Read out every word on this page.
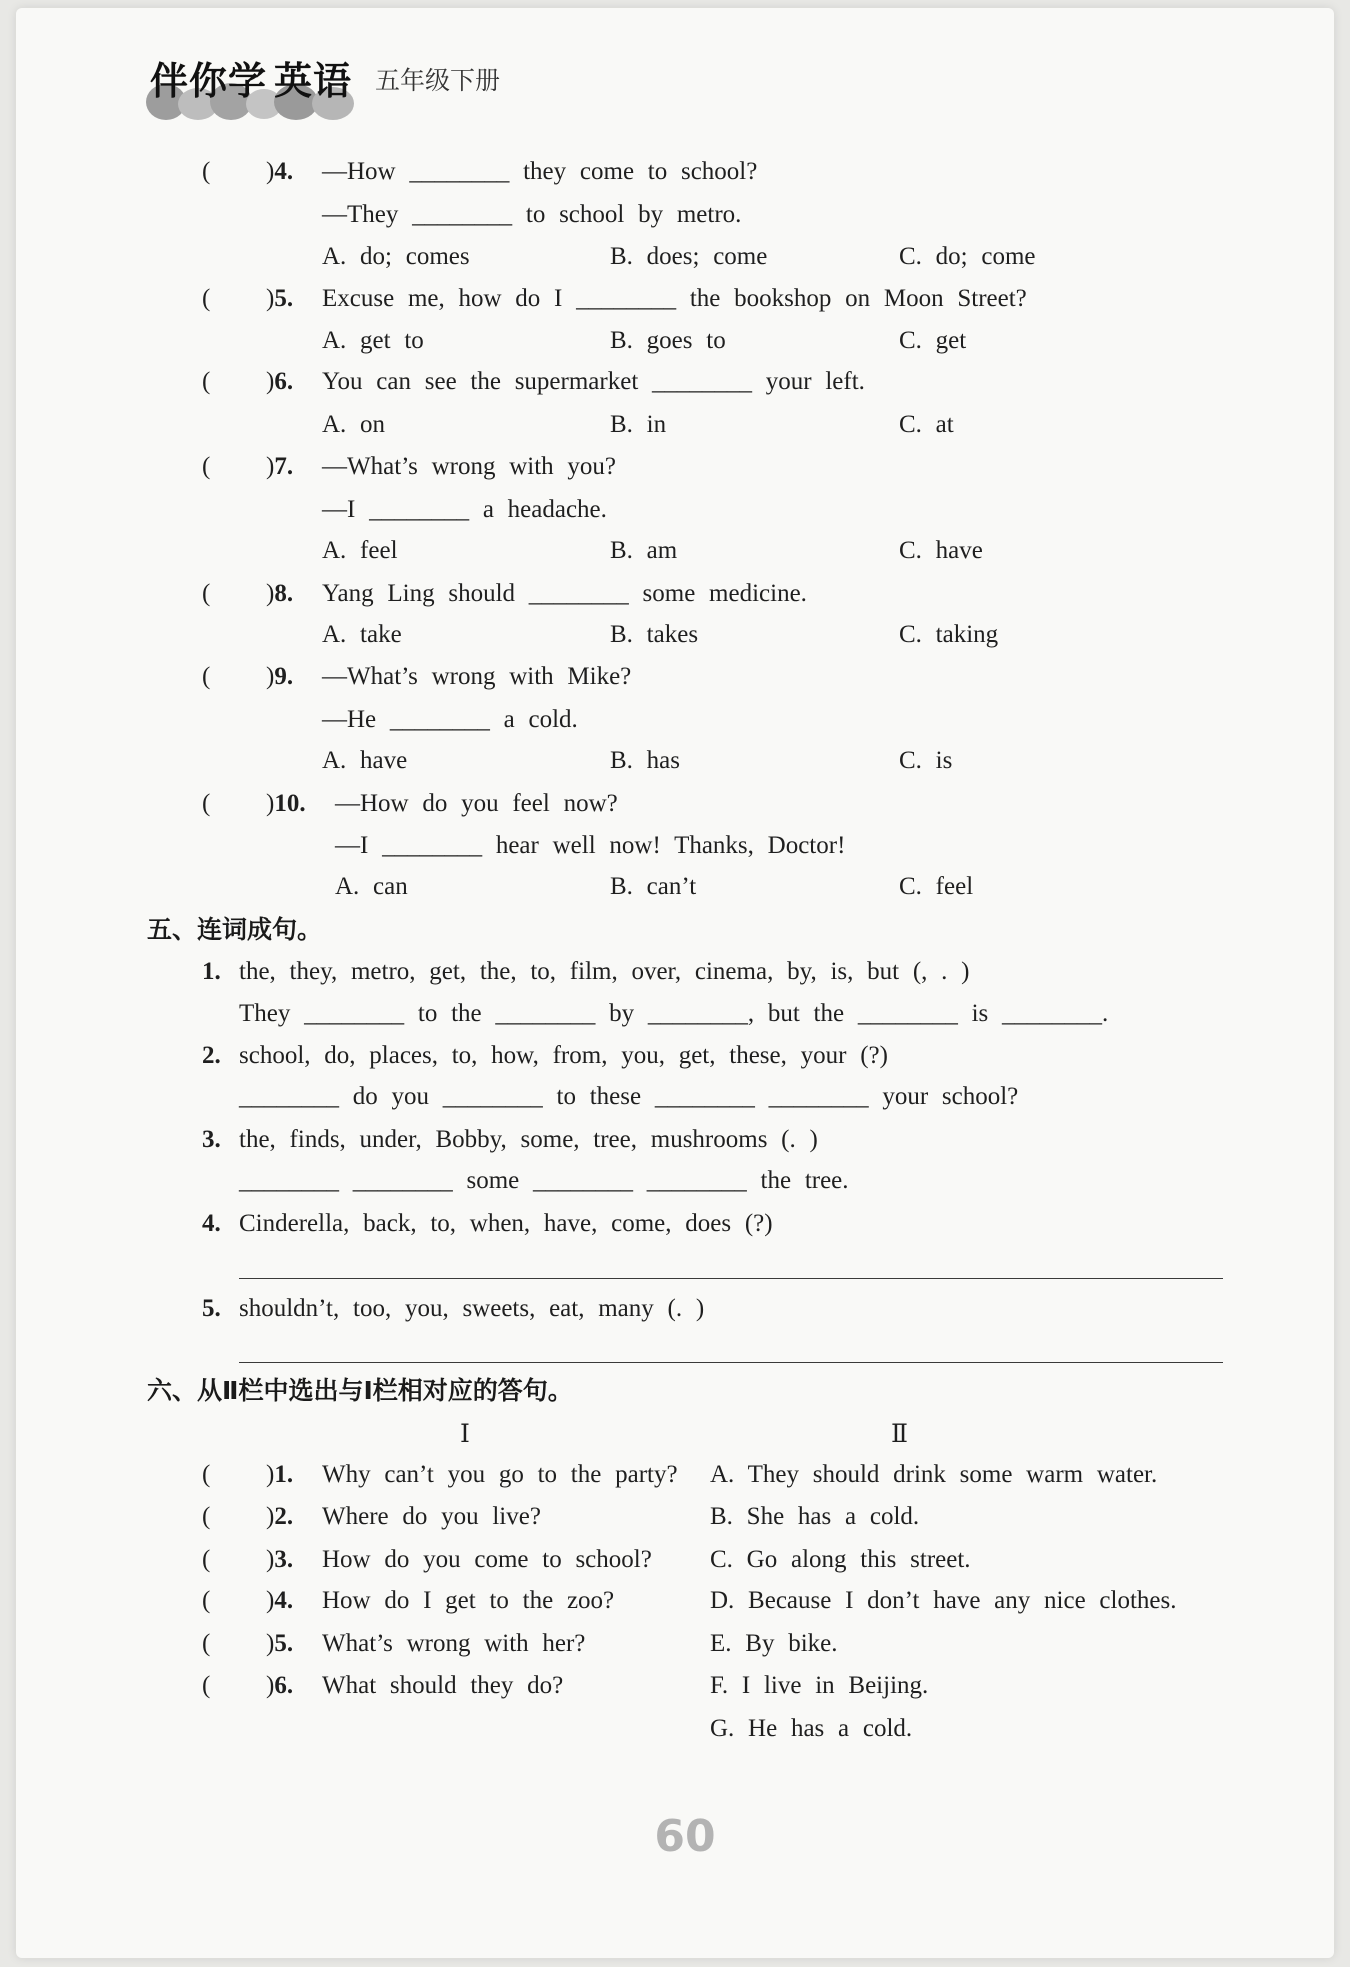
伴你学 英语 五年级下册
( )4. —How ________ they come to school?
—They ________ to school by metro.
A. do; comes	B. does; come	C. do; come
( )5. Excuse me, how do I ________ the bookshop on Moon Street?
A. get to	B. goes to	C. get
( )6. You can see the supermarket ________ your left.
A. on	B. in	C. at
( )7. —What’s wrong with you?
—I ________ a headache.
A. feel	B. am	C. have
( )8. Yang Ling should ________ some medicine.
A. take	B. takes	C. taking
( )9. —What’s wrong with Mike?
—He ________ a cold.
A. have	B. has	C. is
( )10. —How do you feel now?
—I ________ hear well now! Thanks, Doctor!
A. can	B. can’t	C. feel
五、连词成句。
1. the, they, metro, get, the, to, film, over, cinema, by, is, but (, . )
They ________ to the ________ by ________, but the ________ is ________.
2. school, do, places, to, how, from, you, get, these, your (?)
________ do you ________ to these ________ ________ your school?
3. the, finds, under, Bobby, some, tree, mushrooms (. )
________ ________ some ________ ________ the tree.
4. Cinderella, back, to, when, have, come, does (?)
5. shouldn’t, too, you, sweets, eat, many (. )
六、从Ⅱ栏中选出与Ⅰ栏相对应的答句。
Ⅰ	Ⅱ
( )1. Why can’t you go to the party? A. They should drink some warm water.
( )2. Where do you live?	B. She has a cold.
( )3. How do you come to school? C. Go along this street.
( )4. How do I get to the zoo?	D. Because I don’t have any nice clothes.
( )5. What’s wrong with her?	E. By bike.
( )6. What should they do?	F. I live in Beijing.
G. He has a cold.
60
